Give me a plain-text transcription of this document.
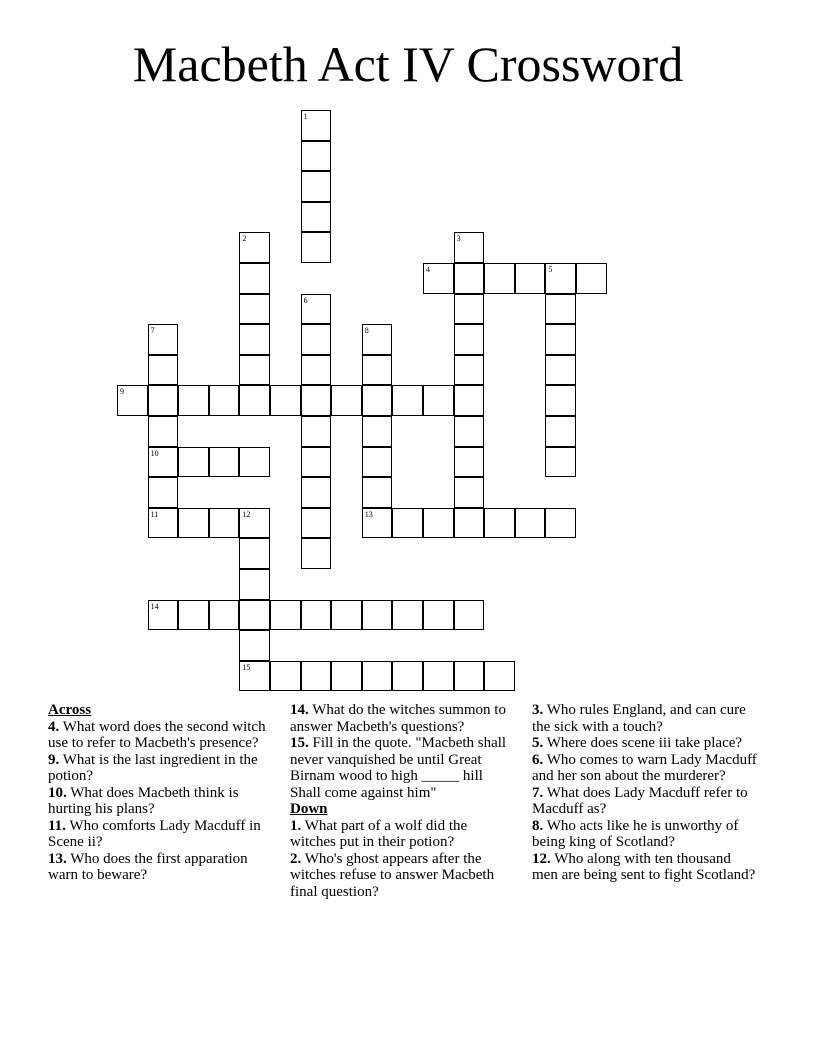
Macbeth Act IV Crossword
1
2	3
4	5
6
7
10
11
8
9
12
15
13
14
Across

4. What word does the second witch use to refer to Macbeth's presence?

9. What is the last ingredient in the potion?

10. What does Macbeth think is hurting his plans?

11. Who comforts Lady Macduff in Scene ii?

13. Who does the first apparation warn to beware?

14. What do the witches summon to answer Macbeth's questions?

15. Fill in the quote. "Macbeth shall never vanquished be until Great Birnam wood to high _____ hill Shall come against him"

Down

1. What part of a wolf did the witches put in their potion?

2. Who's ghost appears after the witches refuse to answer Macbeth final question?

3. Who rules England, and can cure the sick with a touch?

5. Where does scene iii take place?

6. Who comes to warn Lady Macduff and her son about the murderer?

7. What does Lady Macduff refer to Macduff as?

8. Who acts like he is unworthy of being king of Scotland?

12. Who along with ten thousand men are being sent to fight Scotland?
